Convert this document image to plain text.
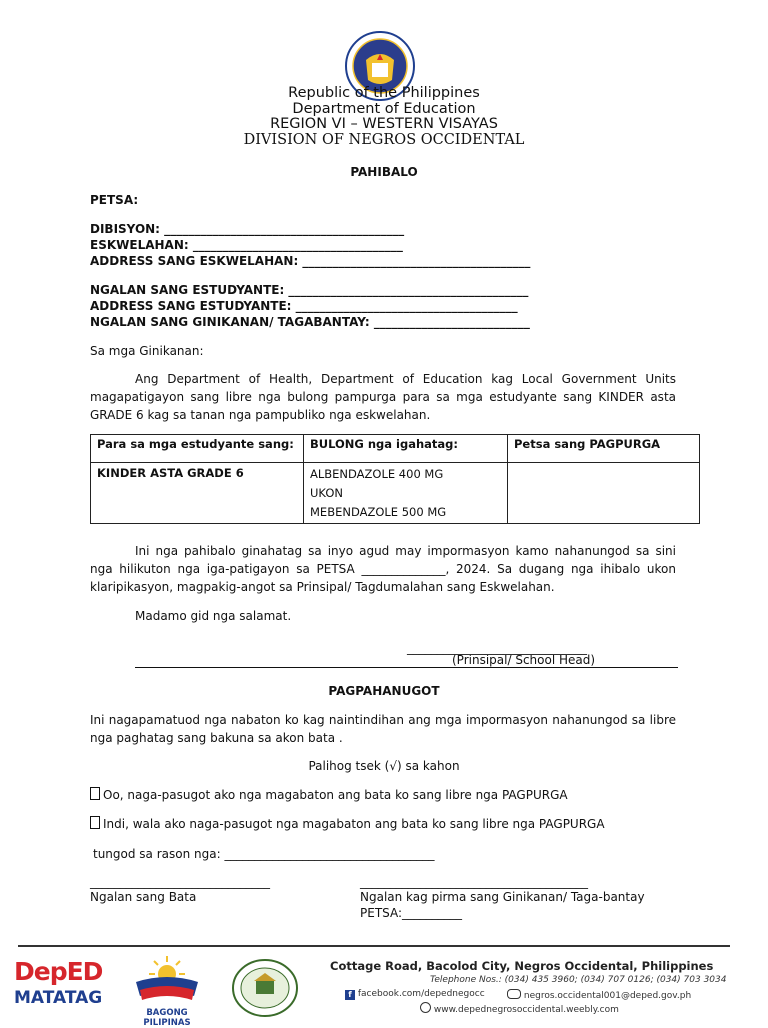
Republic of the Philippines
Department of Education
REGION VI – WESTERN VISAYAS
DIVISION OF NEGROS OCCIDENTAL
PAHIBALO
PETSA:
DIBISYON: ________________________________________
ESKWELAHAN: ___________________________________
ADDRESS SANG ESKWELAHAN: ______________________________________
NGALAN SANG ESTUDYANTE: ________________________________________
ADDRESS SANG ESTUDYANTE: _____________________________________
NGALAN SANG GINIKANAN/ TAGABANTAY: __________________________
Sa mga Ginikanan:
Ang Department of Health, Department of Education kag Local Government Units magapatigayon sang libre nga bulong pampurga para sa mga estudyante sang KINDER asta GRADE 6 kag sa tanan nga pampubliko nga eskwelahan.
Para sa mga estudyante sang:	BULONG nga igahatag:	Petsa sang PAGPURGA
KINDER ASTA GRADE 6	ALBENDAZOLE 400 MG
UKON
MEBENDAZOLE 500 MG	

Ini nga pahibalo ginahatag sa inyo agud may impormasyon kamo nahanungod sa sini nga hilikuton nga iga-patigayon sa PETSA ______________, 2024. Sa dugang nga ihibalo ukon klaripikasyon, magpakig-angot sa Prinsipal/ Tagdumalahan sang Eskwelahan.
Madamo gid nga salamat.
______________________________
(Prinsipal/ School Head)
PAGPAHANUGOT
Ini nagapamatuod nga nabaton ko kag naintindihan ang mga impormasyon nahanungod sa libre nga paghatag sang bakuna sa akon bata .
Palihog tsek (√) sa kahon
Oo, naga-pasugot ako nga magabaton ang bata ko sang libre nga PAGPURGA
Indi, wala ako naga-pasugot nga magabaton ang bata ko sang libre nga PAGPURGA
tungod sa rason nga: ___________________________________
______________________________
Ngalan sang Bata
______________________________________
Ngalan kag pirma sang Ginikanan/ Taga-bantay
PETSA:__________
DepED
MATATAG
BAGONG PILIPINAS
Cottage Road, Bacolod City, Negros Occidental, Philippines
Telephone Nos.: (034) 435 3960; (034) 707 0126; (034) 703 3034
f facebook.com/depednegocc	negros.occidental001@deped.gov.ph
www.depednegrosoccidental.weebly.com
